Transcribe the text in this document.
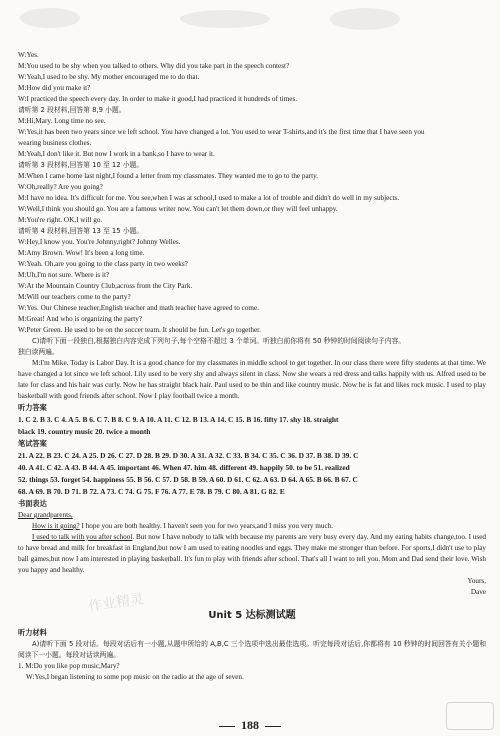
W:Yes.
M:You used to be shy when you talked to others. Why did you take part in the speech contest?
W:Yeah,I used to be shy. My mother encouraged me to do that.
M:How did you make it?
W:I practiced the speech every day. In order to make it good,I had practiced it hundreds of times.
请听第 2 段材料,回答第 8,9 小题。
M:Hi,Mary. Long time no see.
W:Yes,it has been two years since we left school. You have changed a lot. You used to wear T-shirts,and it's the first time that I have seen you
wearing business clothes.
M:Yeah,I don't like it. But now I work in a bank,so I have to wear it.
请听第 3 段材料,回答第 10 至 12 小题。
M:When I came home last night,I found a letter from my classmates. They wanted me to go to the party.
W:Oh,really? Are you going?
M:I have no idea. It's difficult for me. You see,when I was at school,I used to make a lot of trouble and didn't do well in my subjects.
W:Well,I think you should go. You are a famous writer now. You can't let them down,or they will feel unhappy.
M:You're right. OK,I will go.
请听第 4 段材料,回答第 13 至 15 小题。
W:Hey,I know you. You're Johnny,right? Johnny Welles.
M:Amy Brown. Wow! It's been a long time.
W:Yeah. Oh,are you going to the class party in two weeks?
M:Uh,I'm not sure. Where is it?
W:At the Mountain Country Club,across from the City Park.
M:Will our teachers come to the party?
W:Yes. Our Chinese teacher,English teacher and math teacher have agreed to come.
M:Great! And who is organizing the party?
W:Peter Green. He used to be on the soccer team. It should be fun. Let's go together.
C)请听下面一段独白,根据独白内容完成下列句子,每个空格不超过 3 个单词。听独白前你将有 50 秒钟的时间阅读句子内容。
独白读两遍。
M:I'm Mike. Today is Labor Day. It is a good chance for my classmates in middle school to get together. In our class there were fifty students at that time. We have changed a lot since we left school. Lily used to be very shy and always silent in class. Now she wears a red dress and talks happily with us. Alfred used to be late for class and his hair was curly. Now he has straight black hair. Paul used to be thin and like country music. Now he is fat and likes rock music. I used to play basketball with good friends after school. Now I play football twice a month.
听力答案
1. C 2. B 3. C 4. A 5. B 6. C 7. B 8. C 9. A 10. A 11. C 12. B 13. A 14. C 15. B 16. fifty 17. shy 18. straight
black 19. country music 20. twice a month
笔试答案
21. A 22. B 23. C 24. A 25. D 26. C 27. D 28. B 29. D 30. A 31. A 32. C 33. B 34. C 35. C 36. D 37. B 38. D 39. C
40. A 41. C 42. A 43. B 44. A 45. important 46. When 47. him 48. different 49. happily 50. to be 51. realized
52. things 53. forget 54. happiness 55. B 56. C 57. D 58. B 59. A 60. D 61. C 62. A 63. D 64. A 65. B 66. B 67. C
68. A 69. B 70. D 71. B 72. A 73. C 74. G 75. F 76. A 77. E 78. B 79. C 80. A 81. G 82. E
书面表达
Dear grandparents,
How is it going? I hope you are both healthy. I haven't seen you for two years,and I miss you very much.
I used to talk with you after school. But now I have nobody to talk with because my parents are very busy every day. And my eating habits change,too. I used to have bread and milk for breakfast in England,but now I am used to eating noodles and eggs. They make me stronger than before. For sports,I didn't use to play ball games,but now I am interested in playing basketball. It's fun to play with friends after school. That's all I want to tell you. Mom and Dad send their love. Wish you happy and healthy.
Yours,
Dave
Unit 5 达标测试题
听力材料
A)请听下面 5 段对话。每段对话后有一小题,从题中所给的 A,B,C 三个选项中选出最佳选项。听完每段对话后,你都将有 10 秒钟的时间回答有关小题和阅读下一小题。每段对话读两遍。
1. M:Do you like pop music,Mary?
W:Yes,I began listening to some pop music on the radio at the age of seven.
作业精灵
188
